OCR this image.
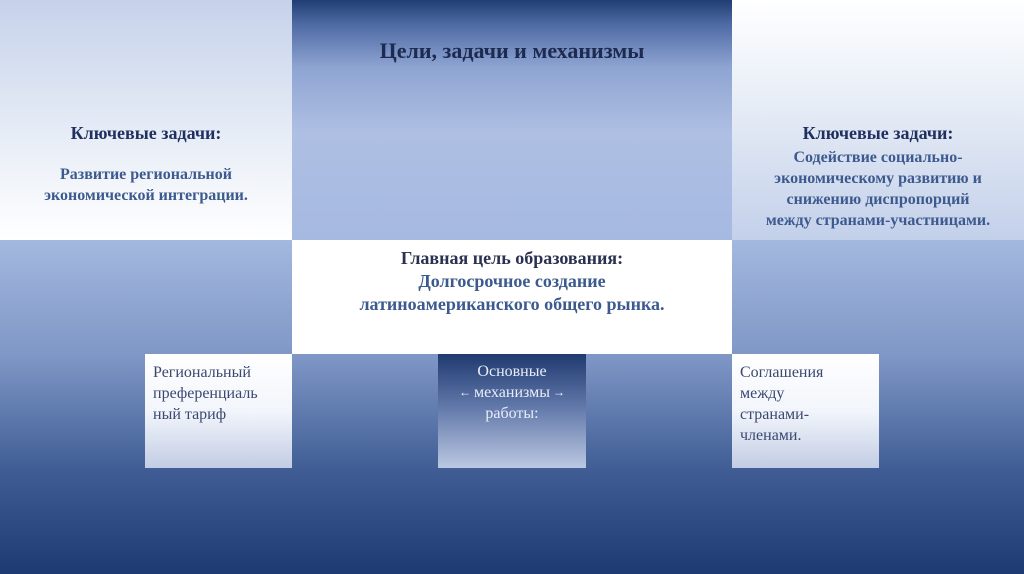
Ключевые задачи:
Развитие региональной экономической интеграции.
Цели, задачи и механизмы
Ключевые задачи:
Содействие социально-
экономическому развитию и
снижению диспропорций
между странами-участницами.
Главная цель образования:
Долгосрочное создание
латиноамериканского общего рынка.
Региональный
преференциаль
ный тариф
Основные
← механизмы →
работы:
Соглашения
между
странами-
членами.
